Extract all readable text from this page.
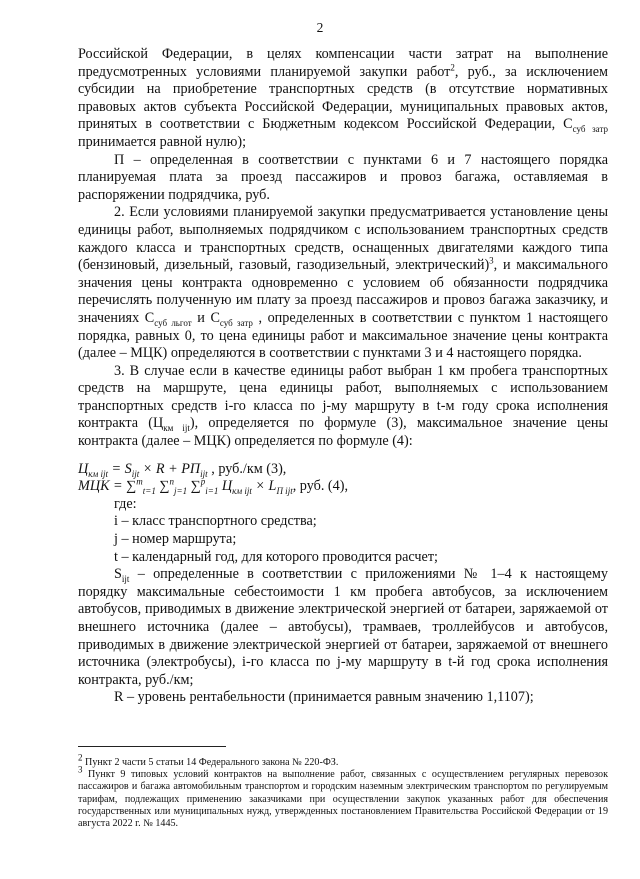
2

Российской Федерации, в целях компенсации части затрат на выполнение предусмотренных условиями планируемой закупки работ$^2$, руб., за исключением субсидии на приобретение транспортных средств (в отсутствие нормативных правовых актов субъекта Российской Федерации, муниципальных правовых актов, принятых в соответствии с Бюджетным кодексом Российской Федерации, $С_{суб затр}$ принимается равной нулю);

П – определенная в соответствии с пунктами 6 и 7 настоящего порядка планируемая плата за проезд пассажиров и провоз багажа, оставляемая в распоряжении подрядчика, руб.

2. Если условиями планируемой закупки предусматривается установление цены единицы работ, выполняемых подрядчиком с использованием транспортных средств каждого класса и транспортных средств, оснащенных двигателями каждого типа (бензиновый, дизельный, газовый, газодизельный, электрический)$^3$, и максимального значения цены контракта одновременно с условием об обязанности подрядчика перечислять полученную им плату за проезд пассажиров и провоз багажа заказчику, и значениях $С_{суб льгот}$ и $С_{суб затр}$ , определенных в соответствии с пунктом 1 настоящего порядка, равных 0, то цена единицы работ и максимальное значение цены контракта (далее – МЦК) определяются в соответствии с пунктами 3 и 4 настоящего порядка.

3. В случае если в качестве единицы работ выбран 1 км пробега транспортных средств на маршруте, цена единицы работ, выполняемых с использованием транспортных средств i-го класса по j-му маршруту в t-м году срока исполнения контракта $(Ц_{км ijt})$, определяется по формуле (3), максимальное значение цены контракта (далее – МЦК) определяется по формуле (4):

$Ц_{км ijt} = S_{ijt} \times R + РП_{ijt}$ , руб./км (3),

МЦК = ∑$^m_{t=1}$ ∑$^n_{j=1}$ ∑$^p_{i=1}$ $Ц_{км ijt} \times L_{П ijt}$, руб. (4),

где:

i – класс транспортного средства;

j – номер маршрута;

t – календарный год, для которого проводится расчет;

$S_{ijt}$ – определенные в соответствии с приложениями № 1–4 к настоящему порядку максимальные себестоимости 1 км пробега автобусов, за исключением автобусов, приводимых в движение электрической энергией от батареи, заряжаемой от внешнего источника (далее – автобусы), трамваев, троллейбусов и автобусов, приводимых в движение электрической энергией от батареи, заряжаемой от внешнего источника (электробусы), i-го класса по j-му маршруту в t-й год срока исполнения контракта, руб./км;

R – уровень рентабельности (принимается равным значению 1,1107);

$^2$ Пункт 2 части 5 статьи 14 Федерального закона № 220-ФЗ.

$^3$ Пункт 9 типовых условий контрактов на выполнение работ, связанных с осуществлением регулярных перевозок пассажиров и багажа автомобильным транспортом и городским наземным электрическим транспортом по регулируемым тарифам, подлежащих применению заказчиками при осуществлении закупок указанных работ для обеспечения государственных или муниципальных нужд, утвержденных постановлением Правительства Российской Федерации от 19 августа 2022 г. № 1445.
